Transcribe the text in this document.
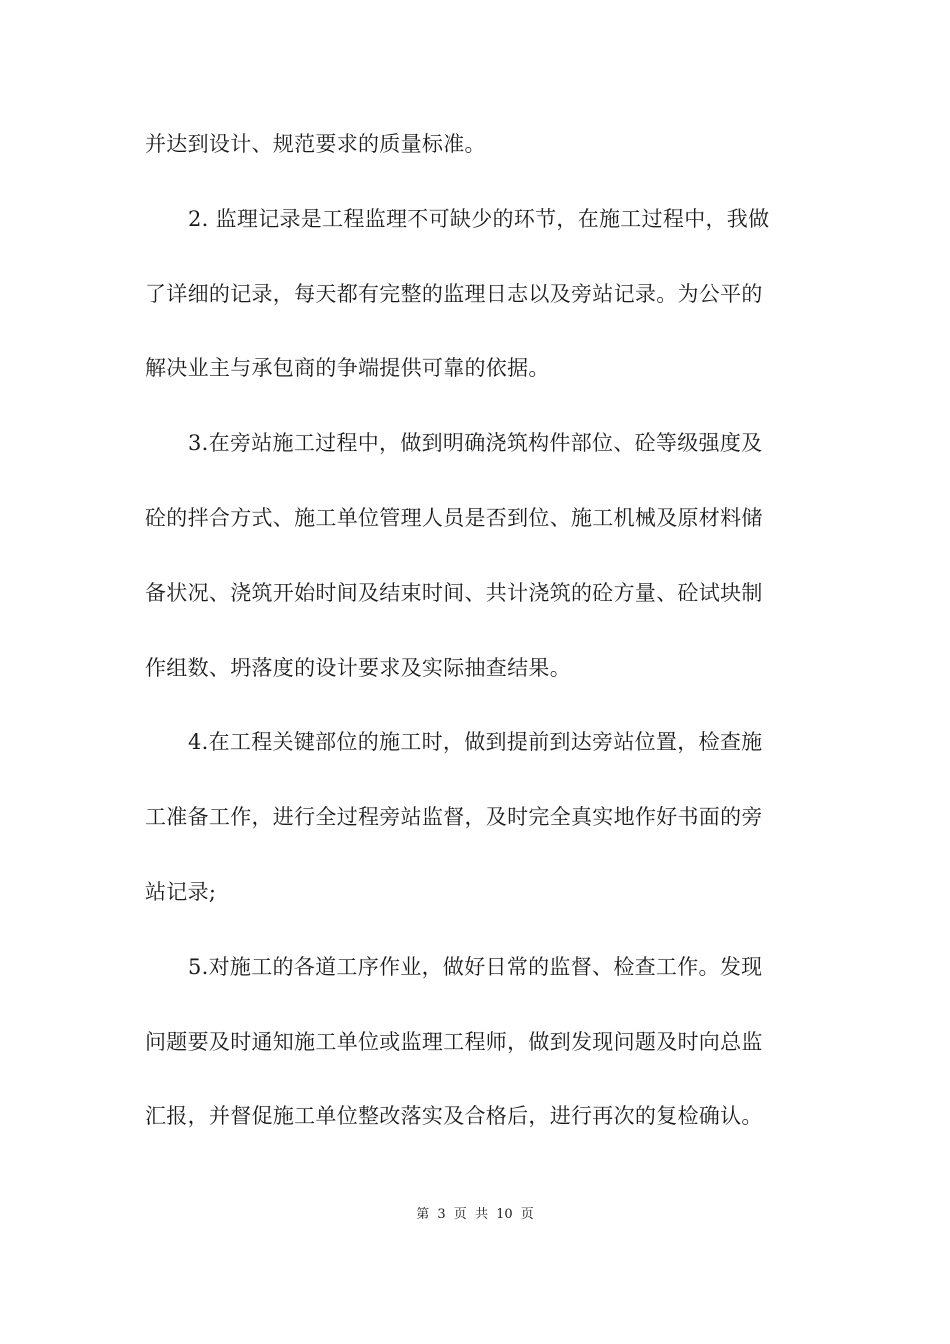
并达到设计、规范要求的质量标准。
2. 监理记录是工程监理不可缺少的环节，在施工过程中，我做
了详细的记录，每天都有完整的监理日志以及旁站记录。为公平的
解决业主与承包商的争端提供可靠的依据。
3.在旁站施工过程中，做到明确浇筑构件部位、砼等级强度及
砼的拌合方式、施工单位管理人员是否到位、施工机械及原材料储
备状况、浇筑开始时间及结束时间、共计浇筑的砼方量、砼试块制
作组数、坍落度的设计要求及实际抽查结果。
4.在工程关键部位的施工时，做到提前到达旁站位置，检查施
工准备工作，进行全过程旁站监督，及时完全真实地作好书面的旁
站记录;
5.对施工的各道工序作业，做好日常的监督、检查工作。发现
问题要及时通知施工单位或监理工程师，做到发现问题及时向总监
汇报，并督促施工单位整改落实及合格后，进行再次的复检确认。
第 3 页 共 10 页
